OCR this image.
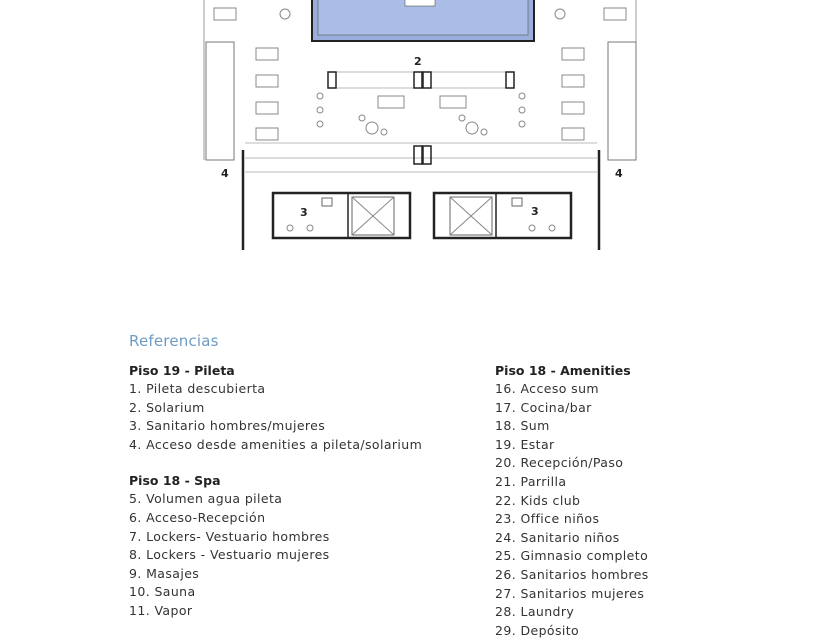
2
4	4
3	3
Referencias
Piso 19 - Pileta
1. Pileta descubierta
2. Solarium
3. Sanitario hombres/mujeres
4. Acceso desde amenities a pileta/solarium
Piso 18 - Spa
5. Volumen agua pileta
6. Acceso-Recepción
7. Lockers- Vestuario hombres
8. Lockers - Vestuario mujeres
9. Masajes
10. Sauna
11. Vapor
Piso 18 - Amenities
16. Acceso sum
17. Cocina/bar
18. Sum
19. Estar
20. Recepción/Paso
21. Parrilla
22. Kids club
23. Office niños
24. Sanitario niños
25. Gimnasio completo
26. Sanitarios hombres
27. Sanitarios mujeres
28. Laundry
29. Depósito
